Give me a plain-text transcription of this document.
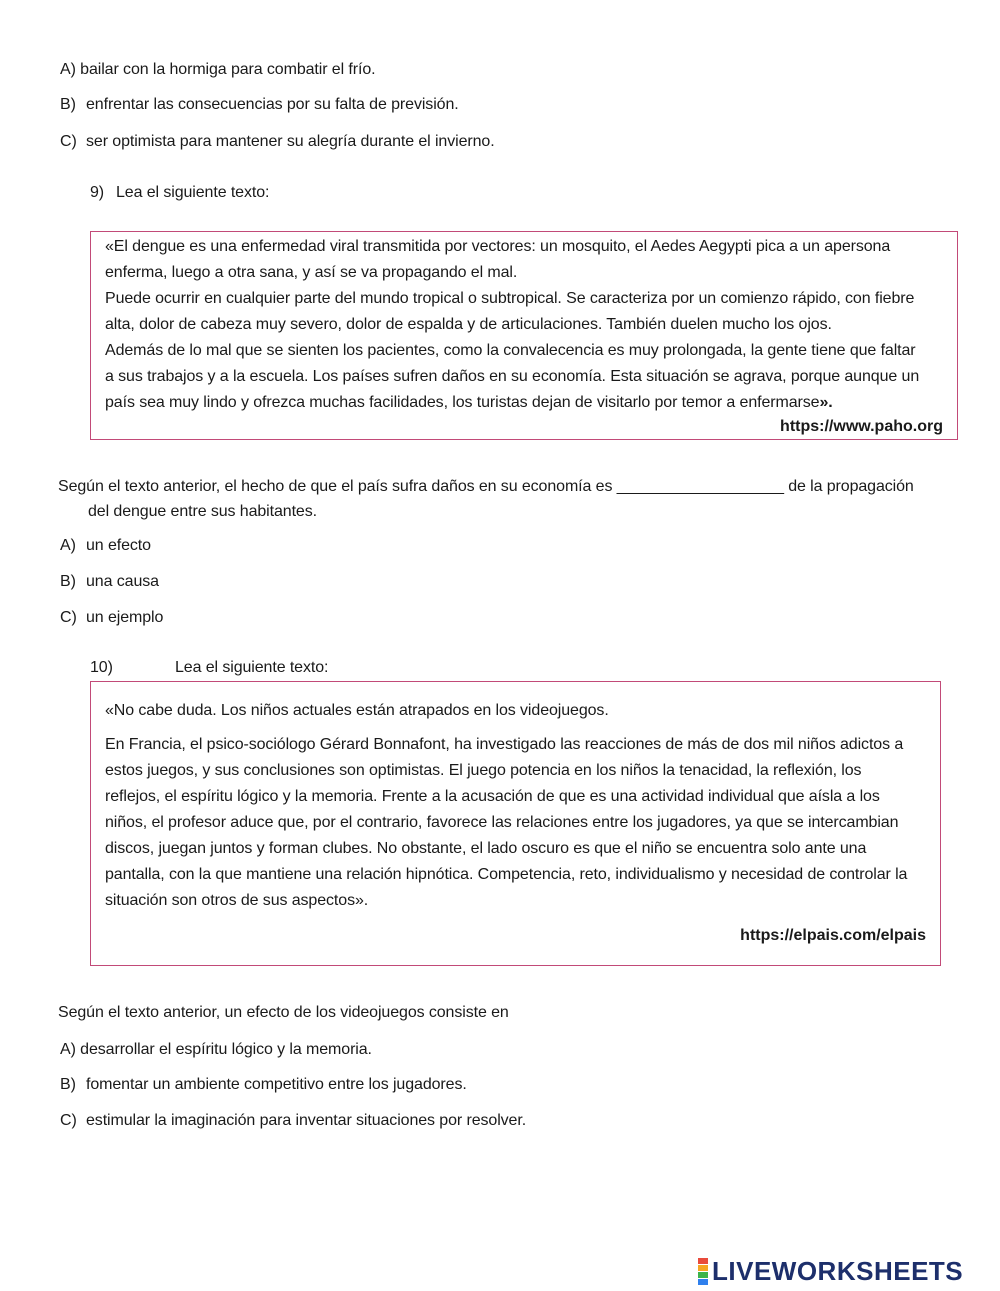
A) bailar con la hormiga para combatir el frío.
B) enfrentar las consecuencias por su falta de previsión.
C) ser optimista para mantener su alegría durante el invierno.
9) Lea el siguiente texto:

«El dengue es una enfermedad viral transmitida por vectores: un mosquito, el Aedes Aegypti pica a un apersona

enferma, luego a otra sana, y así se va propagando el mal.

Puede ocurrir en cualquier parte del mundo tropical o subtropical. Se caracteriza por un comienzo rápido, con fiebre

alta, dolor de cabeza muy severo, dolor de espalda y de articulaciones. También duelen mucho los ojos.

Además de lo mal que se sienten los pacientes, como la convalecencia es muy prolongada, la gente tiene que faltar

a sus trabajos y a la escuela. Los países sufren daños en su economía. Esta situación se agrava, porque aunque un

país sea muy lindo y ofrezca muchas facilidades, los turistas dejan de visitarlo por temor a enfermarse».

https://www.paho.org
Según el texto anterior, el hecho de que el país sufra daños en su economía es ___________________ de la propagación
del dengue entre sus habitantes.
A) un efecto
B) una causa
C) un ejemplo
10)	Lea el siguiente texto:

«No cabe duda. Los niños actuales están atrapados en los videojuegos.

En Francia, el psico-sociólogo Gérard Bonnafont, ha investigado las reacciones de más de dos mil niños adictos a

estos juegos, y sus conclusiones son optimistas. El juego potencia en los niños la tenacidad, la reflexión, los

reflejos, el espíritu lógico y la memoria. Frente a la acusación de que es una actividad individual que aísla a los

niños, el profesor aduce que, por el contrario, favorece las relaciones entre los jugadores, ya que se intercambian

discos, juegan juntos y forman clubes. No obstante, el lado oscuro es que el niño se encuentra solo ante una

pantalla, con la que mantiene una relación hipnótica. Competencia, reto, individualismo y necesidad de controlar la

situación son otros de sus aspectos».

https://elpais.com/elpais
Según el texto anterior, un efecto de los videojuegos consiste en
A) desarrollar el espíritu lógico y la memoria.
B) fomentar un ambiente competitivo entre los jugadores.
C) estimular la imaginación para inventar situaciones por resolver.
LIVEWORKSHEETS
